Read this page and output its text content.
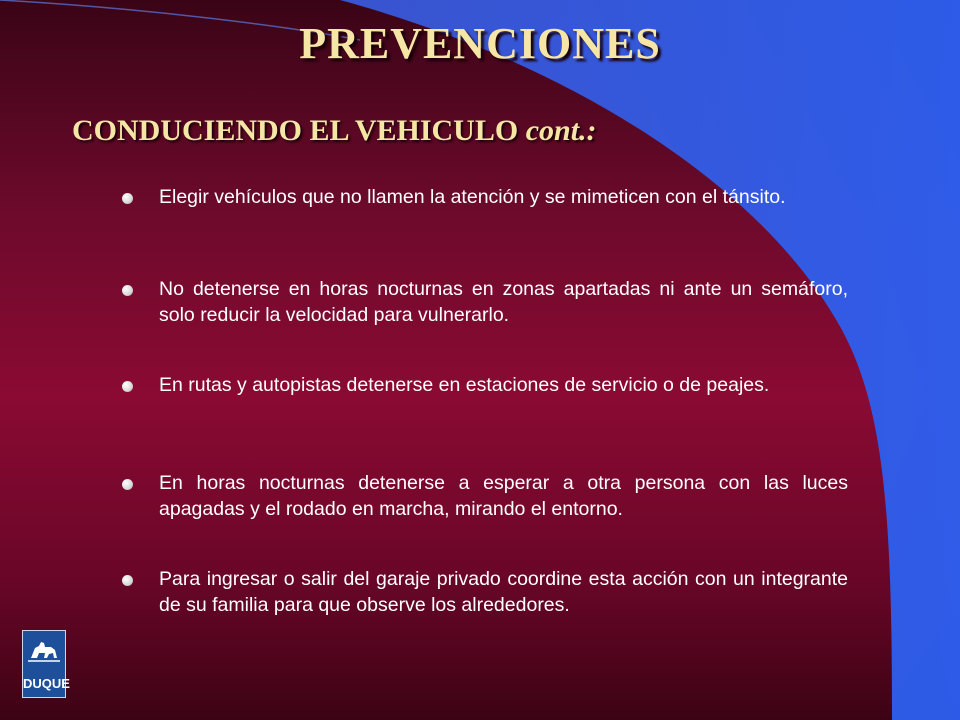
PREVENCIONES
CONDUCIENDO EL VEHICULO cont.:
Elegir vehículos que no llamen la atención y se mimeticen con el tánsito.
No detenerse en horas nocturnas en zonas apartadas ni ante un semáforo, solo reducir la velocidad para vulnerarlo.
En rutas y autopistas detenerse en estaciones de servicio o de peajes.
En horas nocturnas detenerse a esperar a otra persona con las luces apagadas y el rodado en marcha, mirando el entorno.
Para ingresar o salir del garaje privado coordine esta acción con un integrante de su familia para que observe los alrededores.
DUQUE
